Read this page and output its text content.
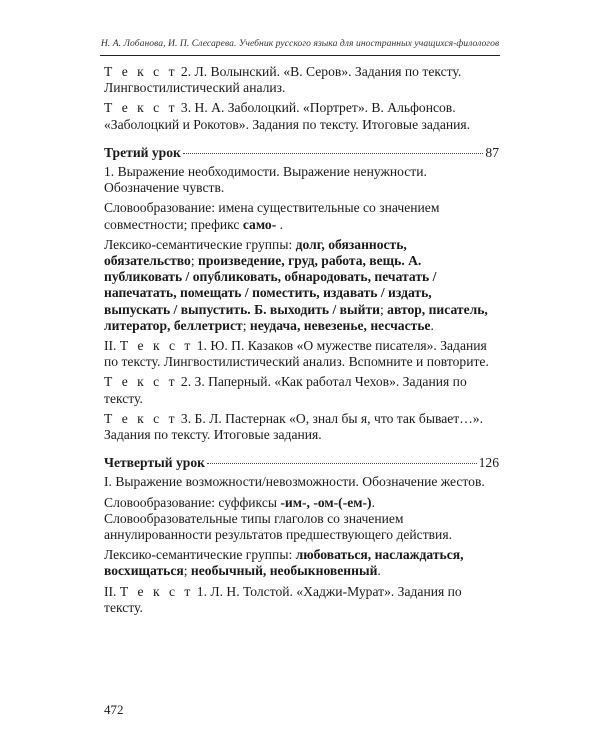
Н. А. Лобанова, И. П. Слесарева. Учебник русского языка для иностранных учащихся-филологов

Т е к с т 2. Л. Волынский. «В. Серов». Задания по тексту. Лингвостилистический анализ.

Т е к с т 3. Н. А. Заболоцкий. «Портрет». В. Альфонсов. «Заболоцкий и Рокотов». Задания по тексту. Итоговые задания.

Третий урок	87

1. Выражение необходимости. Выражение ненужности. Обозначение чувств.

Словообразование: имена существительные со значением совместности; префикс само- .

Лексико-семантические группы: долг, обязанность, обязательство; произведение, груд, работа, вещь. А. публиковать / опубликовать, обнародовать, печатать / напечатать, помещать / поместить, издавать / издать, выпускать / выпустить. Б. выходить / выйти; автор, писатель, литератор, беллетрист; неудача, невезенье, несчастье.

II. Т е к с т 1. Ю. П. Казаков «О мужестве писателя». Задания по тексту. Лингвостилистический анализ. Вспомните и повторите.

Т е к с т 2. З. Паперный. «Как работал Чехов». Задания по тексту.

Т е к с т 3. Б. Л. Пастернак «О, знал бы я, что так бывает…». Задания по тексту. Итоговые задания.

Четвертый урок	126

I. Выражение возможности/невозможности. Обозначение жестов.

Словообразование: суффиксы -им-, -ом-(-ем-). Словообразовательные типы глаголов со значением аннулированности результатов предшествующего действия.

Лексико-семантические группы: любоваться, наслаждаться, восхищаться; необычный, необыкновенный.

II. Т е к с т 1. Л. Н. Толстой. «Хаджи-Мурат». Задания по тексту.

472
